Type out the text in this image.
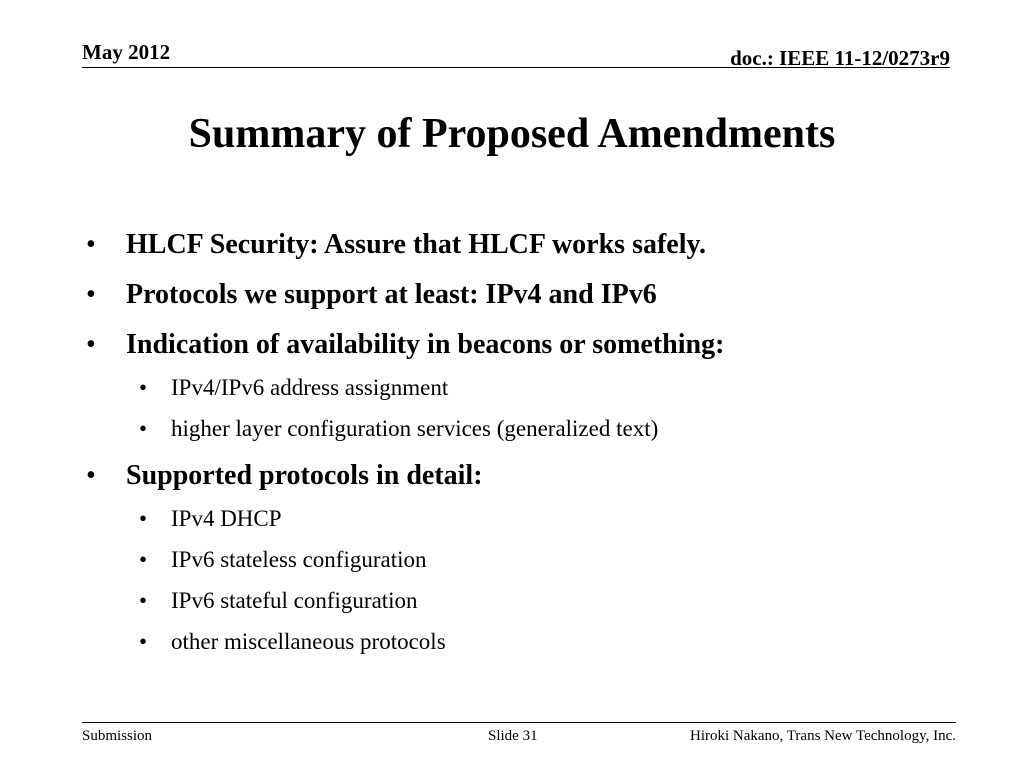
May 2012	doc.: IEEE 11-12/0273r9
Summary of Proposed Amendments
• HLCF Security: Assure that HLCF works safely.
• Protocols we support at least: IPv4 and IPv6
• Indication of availability in beacons or something:
• IPv4/IPv6 address assignment
• higher layer configuration services (generalized text)
• Supported protocols in detail:
• IPv4 DHCP
• IPv6 stateless configuration
• IPv6 stateful configuration
• other miscellaneous protocols
Submission	Slide 31	Hiroki Nakano, Trans New Technology, Inc.
